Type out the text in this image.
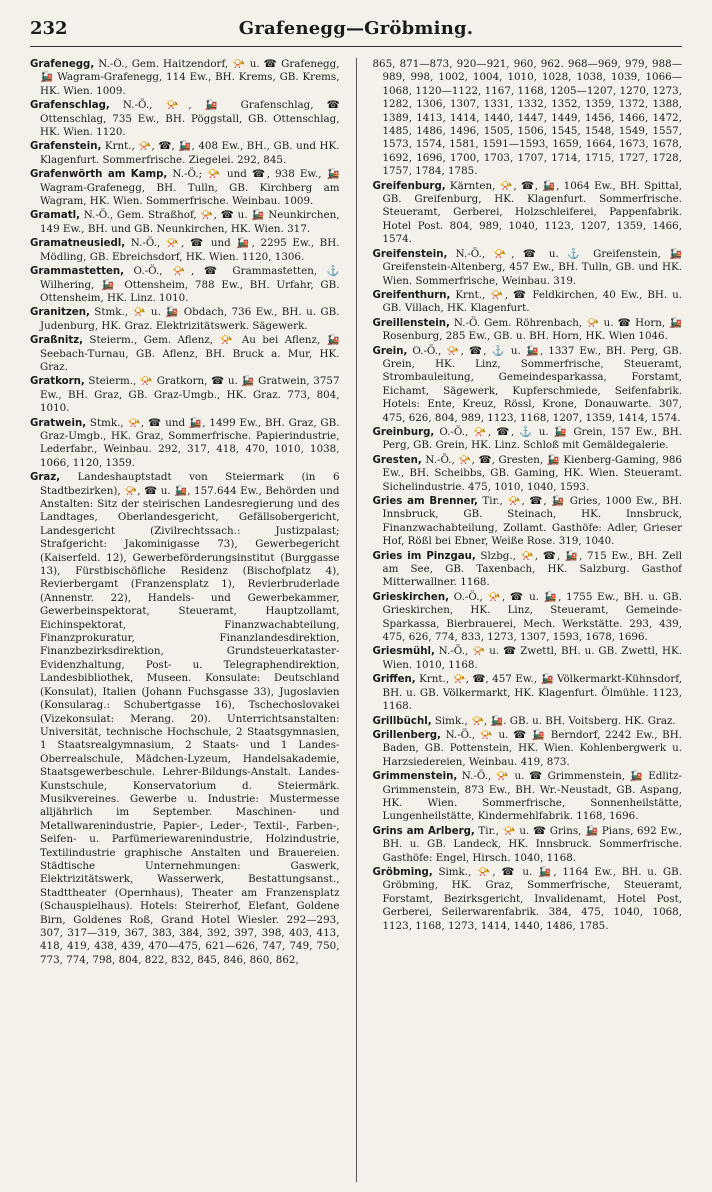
232	Grafenegg—Gröbming.

Grafenegg, N.-Ö., Gem. Haitzendorf, 📯 u. ☎ Grafenegg, 🚂 Wagram-Grafenegg, 114 Ew., BH. Krems, GB. Krems, HK. Wien. 1009.

Grafenschlag, N.-Ö., 📯, 🚂 Grafenschlag, ☎ Ottenschlag, 735 Ew., BH. Pöggstall, GB. Ottenschlag, HK. Wien. 1120.

Grafenstein, Krnt., 📯, ☎, 🚂, 408 Ew., BH., GB. und HK. Klagenfurt. Sommerfrische. Ziegelei. 292, 845.

Grafenwörth am Kamp, N.-Ö.; 📯 und ☎, 938 Ew., 🚂 Wagram-Grafenegg, BH. Tulln, GB. Kirchberg am Wagram, HK. Wien. Sommerfrische. Weinbau. 1009.

Gramatl, N.-Ö., Gem. Straßhof, 📯, ☎ u. 🚂 Neunkirchen, 149 Ew., BH. und GB. Neunkirchen, HK. Wien. 317.

Gramatneusiedl, N.-Ö., 📯, ☎ und 🚂, 2295 Ew., BH. Mödling, GB. Ebreichsdorf, HK. Wien. 1120, 1306.

Grammastetten, O.-Ö., 📯, ☎ Grammastetten, ⚓ Wilhering, 🚂 Ottensheim, 788 Ew., BH. Urfahr, GB. Ottensheim, HK. Linz. 1010.

Granitzen, Stmk., 📯 u. 🚂 Obdach, 736 Ew., BH. u. GB. Judenburg, HK. Graz. Elektrizitätswerk. Sägewerk.

Graßnitz, Steierm., Gem. Aflenz, 📯 Au bei Aflenz, 🚂 Seebach-Turnau, GB. Aflenz, BH. Bruck a. Mur, HK. Graz.

Gratkorn, Steierm., 📯 Gratkorn, ☎ u. 🚂 Gratwein, 3757 Ew., BH. Graz, GB. Graz-Umgb., HK. Graz. 773, 804, 1010.

Gratwein, Stmk., 📯, ☎ und 🚂, 1499 Ew., BH. Graz, GB. Graz-Umgb., HK. Graz, Sommerfrische. Papierindustrie, Lederfabr., Weinbau. 292, 317, 418, 470, 1010, 1038, 1066, 1120, 1359.

Graz, Landeshauptstadt von Steiermark (in 6 Stadtbezirken), 📯, ☎ u. 🚂, 157.644 Ew., Behörden und Anstalten: Sitz der steirischen Landesregierung und des Landtages, Oberlandesgericht, Gefällsobergericht, Landesgericht (Zivilrechtssach.: Justizpalast; Strafgericht: Jakominigasse 73), Gewerbegericht (Kaiserfeld. 12), Gewerbeförderungsinstitut (Burggasse 13), Fürstbischöfliche Residenz (Bischofplatz 4), Revierbergamt (Franzensplatz 1), Revierbruderlade (Annenstr. 22), Handels- und Gewerbekammer, Gewerbeinspektorat, Steueramt, Hauptzollamt, Eichinspektorat, Finanzwachabteilung, Finanzprokuratur, Finanzlandesdirektion, Finanzbezirksdirektion, Grundsteuerkataster-Evidenzhaltung, Post- u. Telegraphendirektion, Landesbibliothek, Museen. Konsulate: Deutschland (Konsulat), Italien (Johann Fuchsgasse 33), Jugoslavien (Konsularag.: Schubertgasse 16), Tschechoslovakei (Vizekonsulat: Merang. 20). Unterrichtsanstalten: Universität, technische Hochschule, 2 Staatsgymnasien, 1 Staatsrealgymnasium, 2 Staats- und 1 Landes-Oberrealschule, Mädchen-Lyzeum, Handelsakademie, Staatsgewerbeschule. Lehrer-Bildungs-Anstalt. Landes-Kunstschule, Konservatorium d. Steiermärk. Musikvereines. Gewerbe u. Industrie: Mustermesse alljährlich im September. Maschinen- und Metallwarenindustrie, Papier-, Leder-, Textil-, Farben-, Seifen- u. Parfümeriewarenindustrie, Holzindustrie, Textilindustrie graphische Anstalten und Brauereien. Städtische Unternehmungen: Gaswerk, Elektrizitätswerk, Wasserwerk, Bestattungsanst., Stadttheater (Opernhaus), Theater am Franzensplatz (Schauspielhaus). Hotels: Steirerhof, Elefant, Goldene Birn, Goldenes Roß, Grand Hotel Wiesler. 292—293, 307, 317—319, 367, 383, 384, 392, 397, 398, 403, 413, 418, 419, 438, 439, 470—475, 621—626, 747, 749, 750, 773, 774, 798, 804, 822, 832, 845, 846, 860, 862,

865, 871—873, 920—921, 960, 962. 968—969, 979, 988—989, 998, 1002, 1004, 1010, 1028, 1038, 1039, 1066—1068, 1120—1122, 1167, 1168, 1205—1207, 1270, 1273, 1282, 1306, 1307, 1331, 1332, 1352, 1359, 1372, 1388, 1389, 1413, 1414, 1440, 1447, 1449, 1456, 1466, 1472, 1485, 1486, 1496, 1505, 1506, 1545, 1548, 1549, 1557, 1573, 1574, 1581, 1591—1593, 1659, 1664, 1673, 1678, 1692, 1696, 1700, 1703, 1707, 1714, 1715, 1727, 1728, 1757, 1784, 1785.

Greifenburg, Kärnten, 📯, ☎, 🚂, 1064 Ew., BH. Spittal, GB. Greifenburg, HK. Klagenfurt. Sommerfrische. Steueramt, Gerberei, Holzschleiferei, Pappenfabrik. Hotel Post. 804, 989, 1040, 1123, 1207, 1359, 1466, 1574.

Greifenstein, N.-Ö., 📯, ☎ u. ⚓ Greifenstein, 🚂 Greifenstein-Altenberg, 457 Ew., BH. Tulln, GB. und HK. Wien. Sommerfrische, Weinbau. 319.

Greifenthurn, Krnt., 📯, ☎ Feldkirchen, 40 Ew., BH. u. GB. Villach, HK. Klagenfurt.

Greillenstein, N.-Ö. Gem. Röhrenbach, 📯 u. ☎ Horn, 🚂 Rosenburg, 285 Ew., GB. u. BH. Horn, HK. Wien 1046.

Grein, O.-Ö., 📯, ☎, ⚓ u. 🚂, 1337 Ew., BH. Perg, GB. Grein, HK. Linz, Sommerfrische, Steueramt, Strombauleitung, Gemeindesparkassa, Forstamt, Eichamt, Sägewerk, Kupferschmiede, Seifenfabrik. Hotels: Ente, Kreuz, Rössl, Krone, Donauwarte. 307, 475, 626, 804, 989, 1123, 1168, 1207, 1359, 1414, 1574.

Greinburg, O.-Ö., 📯, ☎, ⚓ u. 🚂 Grein, 157 Ew., BH. Perg, GB. Grein, HK. Linz. Schloß mit Gemäldegalerie.

Gresten, N.-Ö., 📯, ☎, Gresten, 🚂 Kienberg-Gaming, 986 Ew., BH. Scheibbs, GB. Gaming, HK. Wien. Steueramt. Sichelindustrie. 475, 1010, 1040, 1593.

Gries am Brenner, Tir., 📯, ☎, 🚂 Gries, 1000 Ew., BH. Innsbruck, GB. Steinach, HK. Innsbruck, Finanzwachabteilung, Zollamt. Gasthöfe: Adler, Grieser Hof, Rößl bei Ebner, Weiße Rose. 319, 1040.

Gries im Pinzgau, Slzbg., 📯, ☎, 🚂, 715 Ew., BH. Zell am See, GB. Taxenbach, HK. Salzburg. Gasthof Mitterwallner. 1168.

Grieskirchen, O.-Ö., 📯, ☎ u. 🚂, 1755 Ew., BH. u. GB. Grieskirchen, HK. Linz, Steueramt, Gemeinde-Sparkassa, Bierbrauerei, Mech. Werkstätte. 293, 439, 475, 626, 774, 833, 1273, 1307, 1593, 1678, 1696.

Griesmühl, N.-Ö., 📯 u. ☎ Zwettl, BH. u. GB. Zwettl, HK. Wien. 1010, 1168.

Griffen, Krnt., 📯, ☎, 457 Ew., 🚂 Völkermarkt-Kühnsdorf, BH. u. GB. Völkermarkt, HK. Klagenfurt. Ölmühle. 1123, 1168.

Grillbüchl, Simk., 📯, 🚂. GB. u. BH. Voitsberg. HK. Graz.

Grillenberg, N.-Ö., 📯 u. ☎ 🚂 Berndorf, 2242 Ew., BH. Baden, GB. Pottenstein, HK. Wien. Kohlenbergwerk u. Harzsiedereien, Weinbau. 419, 873.

Grimmenstein, N.-Ö., 📯 u. ☎ Grimmenstein, 🚂 Edlitz-Grimmenstein, 873 Ew., BH. Wr.-Neustadt, GB. Aspang, HK. Wien. Sommerfrische, Sonnenheilstätte, Lungenheilstätte, Kindermehlfabrik. 1168, 1696.

Grins am Arlberg, Tir., 📯 u. ☎ Grins, 🚂 Pians, 692 Ew., BH. u. GB. Landeck, HK. Innsbruck. Sommerfrische. Gasthöfe: Engel, Hirsch. 1040, 1168.

Gröbming, Simk., 📯, ☎ u. 🚂, 1164 Ew., BH. u. GB. Gröbming, HK. Graz, Sommerfrische, Steueramt, Forstamt, Bezirksgericht, Invalidenamt, Hotel Post, Gerberei, Seilerwarenfabrik. 384, 475, 1040, 1068, 1123, 1168, 1273, 1414, 1440, 1486, 1785.
